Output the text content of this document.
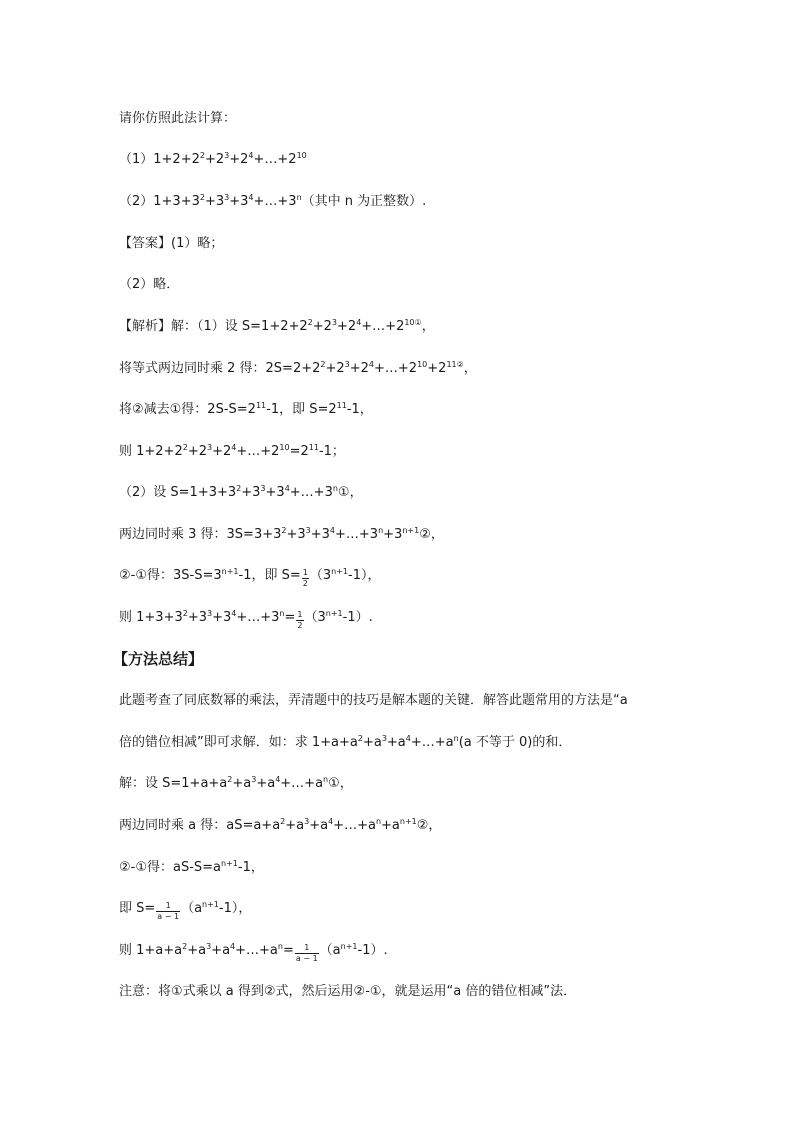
请你仿照此法计算：
$(1)1+2+2^2+2^3+2^4+\dots+2^{10}$
$(2)1+3+3^2+3^3+3^4+\dots+3^n$（其中 n 为正整数）.
【答案】(1）略；
（2）略．
【解析】解：（1）设 $S=1+2+2^2+2^3+2^4+\dots+2^{10①}$，
将等式两边同时乘 2 得：$2S=2+2^2+2^3+2^4+\dots+2^{10}+2^{11②}$，
将②减去①得：$2S-S=2^{11}-1$，即 $S=2^{11}-1$，
则 $1+2+2^2+2^3+2^4+\dots+2^{10}=2^{11}-1$；
（2）设 $S=1+3+3^2+3^3+3^4+\dots+3^n①$，
两边同时乘 3 得：$3S=3+3^2+3^3+3^4+\dots+3^n+3^{n+1}②$，
②-①得：$3S-S=3^{n+1}-1$，即 $S= \frac{1}{2} (3^{n+1}-1)$，
则 $1+3+3^2+3^3+3^4+\dots+3^n= \frac{1}{2} (3^{n+1}-1)$.
【方法总结】
此题考查了同底数幂的乘法，弄清题中的技巧是解本题的关键．解答此题常用的方法是“a
倍的错位相减”即可求解．如：求 $1+a+a^2+a^3+a^4+\dots+a^n(a$ 不等于 0)的和．
解：设 $S=1+a+a^2+a^3+a^4+\dots+a^n①$，
两边同时乘 a 得：$aS=a+a^2+a^3+a^4+\dots+a^n+a^{n+1}②$，
②-①得：$aS-S=a^{n+1}-1$，
即 $S= \frac{1}{a - 1} (a^{n+1}-1)$，
则 $1+a+a^2+a^3+a^4+\dots+a^n= \frac{1}{a - 1} (a^{n+1}-1)$.
注意：将①式乘以 a 得到②式，然后运用②-①，就是运用“a 倍的错位相减”法．
